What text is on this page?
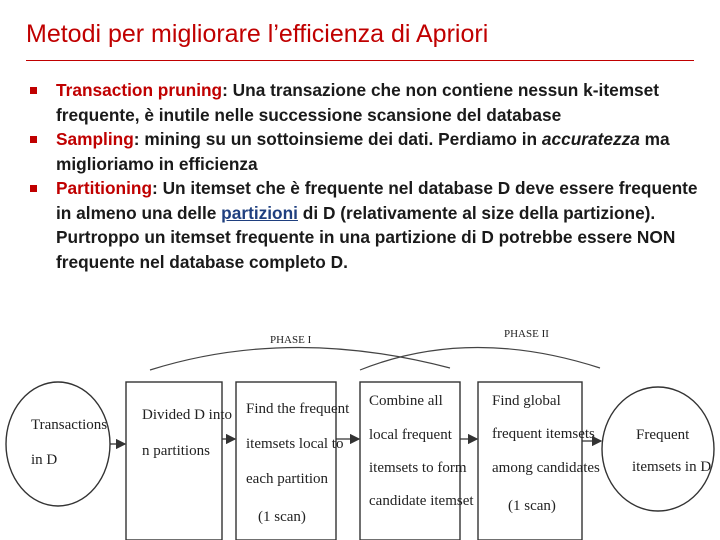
Metodi per migliorare l’efficienza di Apriori
Transaction pruning: Una transazione che non contiene nessun k-itemset frequente, è inutile nelle successione scansione del database
Sampling: mining su un sottoinsieme dei dati. Perdiamo in accuratezza ma miglioriamo in efficienza
Partitioning: Un itemset che è frequente nel database D deve essere frequente in almeno una delle partizioni di D (relativamente al size della partizione).
Purtroppo un itemset frequente in una partizione di D potrebbe essere NON frequente nel database completo D.
PHASE I	PHASE II
Transactions
in D
Divided D into
n partitions
Find the frequent
itemsets local to
each partition
(1 scan)
Combine all
local frequent
itemsets to form
candidate itemset
Find global
frequent itemsets
among candidates
(1 scan)
Frequent
itemsets in D
